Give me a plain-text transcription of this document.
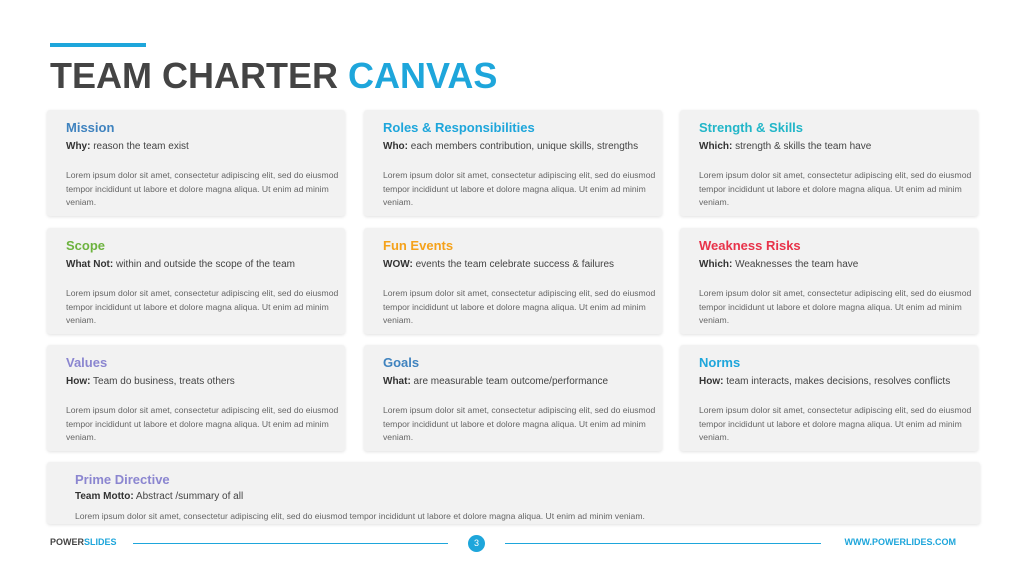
TEAM CHARTER CANVAS
Mission
Why: reason the team exist
Lorem ipsum dolor sit amet, consectetur adipiscing elit, sed do eiusmod tempor incididunt ut labore et dolore magna aliqua. Ut enim ad minim veniam.
Roles & Responsibilities
Who: each members contribution, unique skills, strengths
Lorem ipsum dolor sit amet, consectetur adipiscing elit, sed do eiusmod tempor incididunt ut labore et dolore magna aliqua. Ut enim ad minim veniam.
Strength & Skills
Which: strength & skills the team have
Lorem ipsum dolor sit amet, consectetur adipiscing elit, sed do eiusmod tempor incididunt ut labore et dolore magna aliqua. Ut enim ad minim veniam.
Scope
What Not: within and outside the scope of the team
Lorem ipsum dolor sit amet, consectetur adipiscing elit, sed do eiusmod tempor incididunt ut labore et dolore magna aliqua. Ut enim ad minim veniam.
Fun Events
WOW: events the team celebrate success & failures
Lorem ipsum dolor sit amet, consectetur adipiscing elit, sed do eiusmod tempor incididunt ut labore et dolore magna aliqua. Ut enim ad minim veniam.
Weakness Risks
Which: Weaknesses the team have
Lorem ipsum dolor sit amet, consectetur adipiscing elit, sed do eiusmod tempor incididunt ut labore et dolore magna aliqua. Ut enim ad minim veniam.
Values
How: Team do business, treats others
Lorem ipsum dolor sit amet, consectetur adipiscing elit, sed do eiusmod tempor incididunt ut labore et dolore magna aliqua. Ut enim ad minim veniam.
Goals
What: are measurable team outcome/performance
Lorem ipsum dolor sit amet, consectetur adipiscing elit, sed do eiusmod tempor incididunt ut labore et dolore magna aliqua. Ut enim ad minim veniam.
Norms
How: team interacts, makes decisions, resolves conflicts
Lorem ipsum dolor sit amet, consectetur adipiscing elit, sed do eiusmod tempor incididunt ut labore et dolore magna aliqua. Ut enim ad minim veniam.
Prime Directive
Team Motto: Abstract /summary of all
Lorem ipsum dolor sit amet, consectetur adipiscing elit, sed do eiusmod tempor incididunt ut labore et dolore magna aliqua. Ut enim ad minim veniam.
POWERSLIDES	3	WWW.POWERLIDES.COM
